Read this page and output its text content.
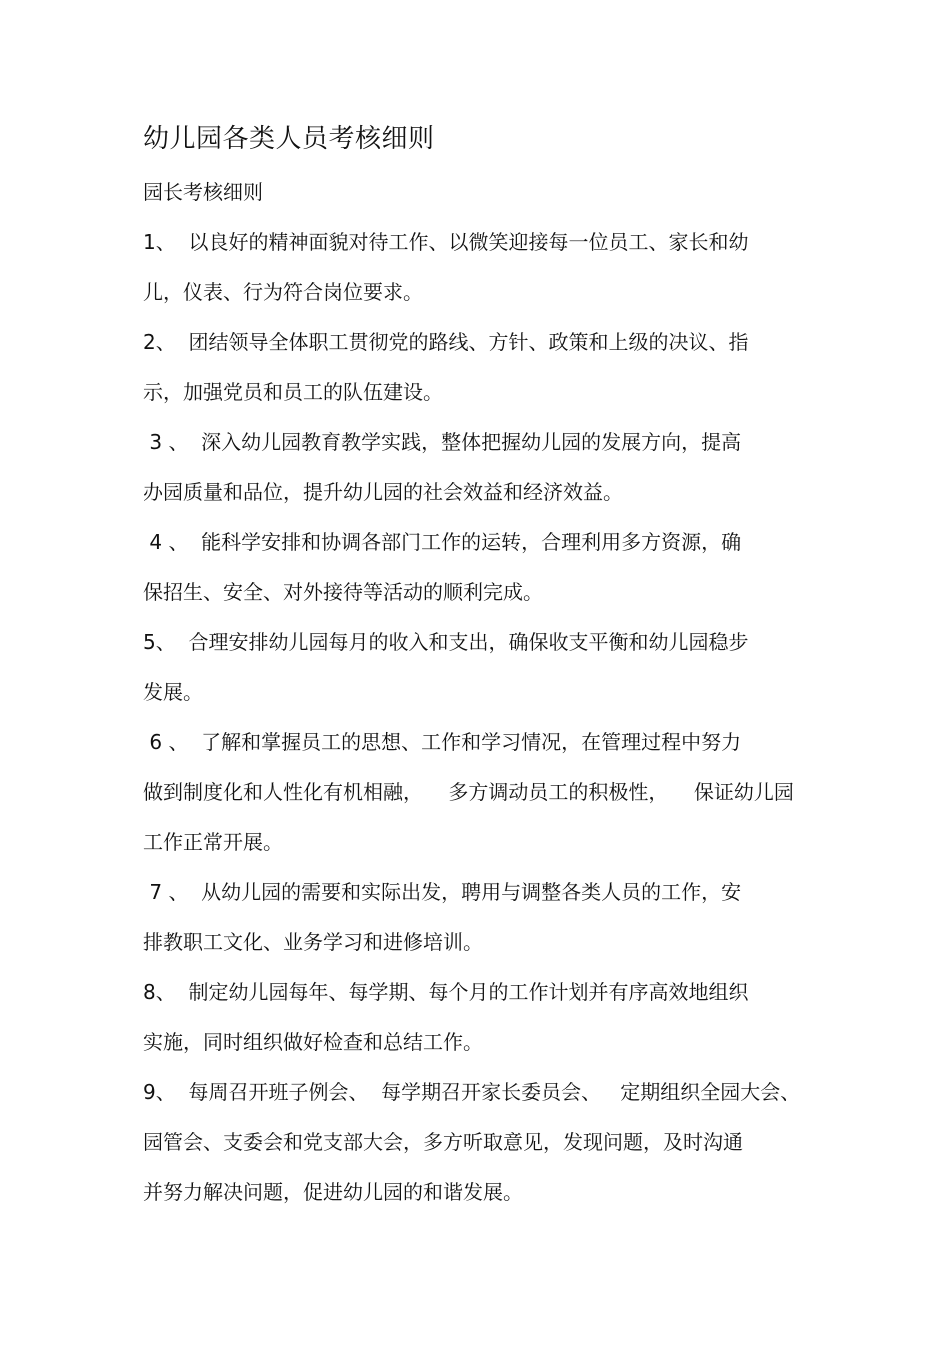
幼儿园各类人员考核细则
园长考核细则
1、  以良好的精神面貌对待工作、以微笑迎接每一位员工、家长和幼
儿，仪表、行为符合岗位要求。
2、  团结领导全体职工贯彻党的路线、方针、政策和上级的决议、指
示，加强党员和员工的队伍建设。
3 、  深入幼儿园教育教学实践，整体把握幼儿园的发展方向，提高
办园质量和品位，提升幼儿园的社会效益和经济效益。
4 、  能科学安排和协调各部门工作的运转，合理利用多方资源，确
保招生、安全、对外接待等活动的顺利完成。
5、  合理安排幼儿园每月的收入和支出，确保收支平衡和幼儿园稳步
发展。
6 、  了解和掌握员工的思想、工作和学习情况，在管理过程中努力
做到制度化和人性化有机相融，    多方调动员工的积极性，    保证幼儿园
工作正常开展。
7 、  从幼儿园的需要和实际出发，聘用与调整各类人员的工作，安
排教职工文化、业务学习和进修培训。
8、  制定幼儿园每年、每学期、每个月的工作计划并有序高效地组织
实施，同时组织做好检查和总结工作。
9、  每周召开班子例会、  每学期召开家长委员会、   定期组织全园大会、
园管会、支委会和党支部大会，多方听取意见，发现问题，及时沟通
并努力解决问题，促进幼儿园的和谐发展。
